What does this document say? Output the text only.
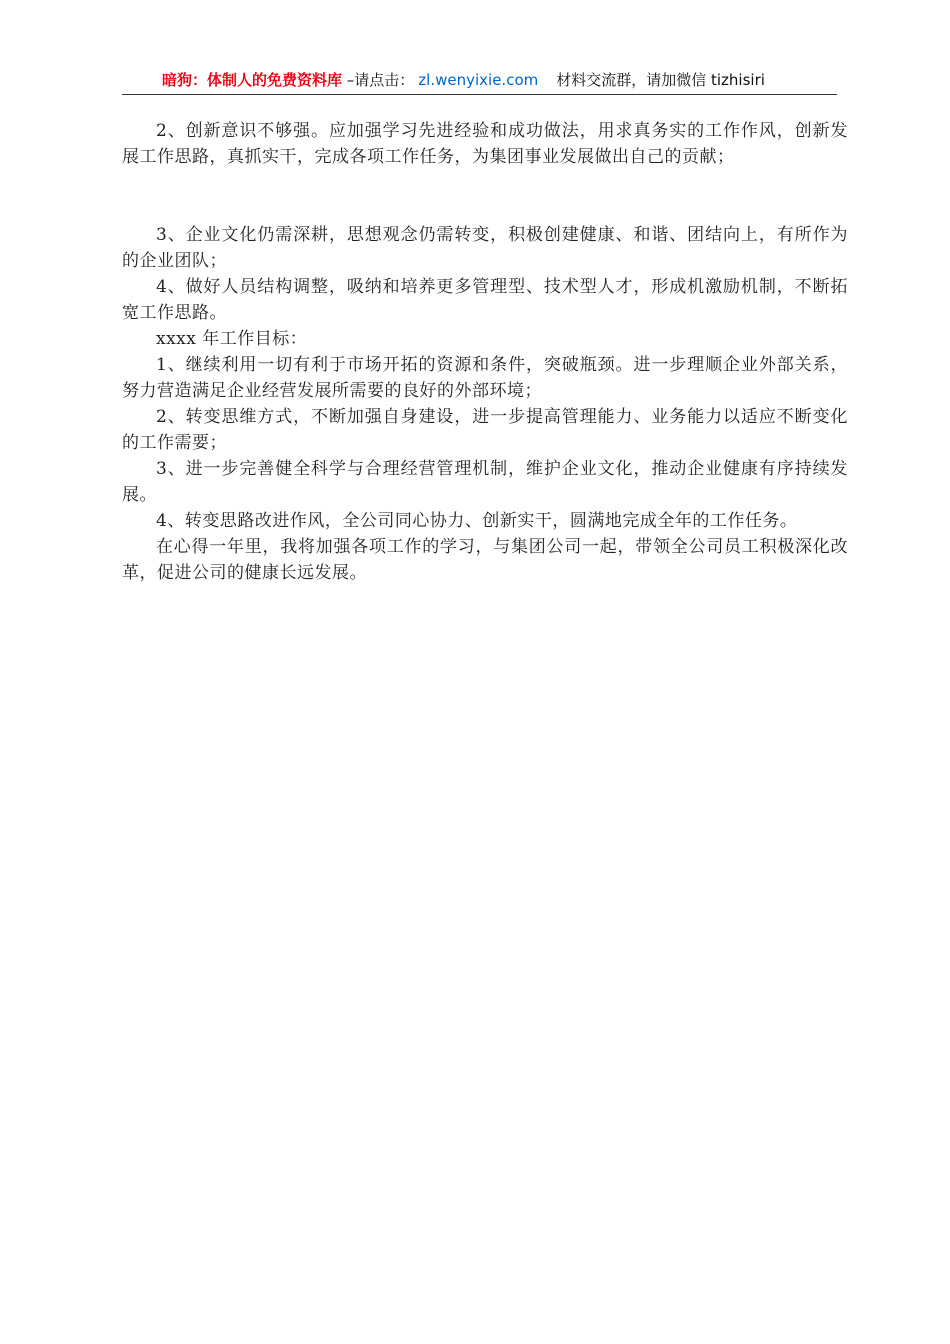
暗狗：体制人的免费资料库 –请点击： zl.wenyixie.com 材料交流群，请加微信 tizhisiri

2、创新意识不够强。应加强学习先进经验和成功做法，用求真务实的工作作风，创新发展工作思路，真抓实干，完成各项工作任务，为集团事业发展做出自己的贡献；

3、企业文化仍需深耕，思想观念仍需转变，积极创建健康、和谐、团结向上，有所作为的企业团队；

4、做好人员结构调整，吸纳和培养更多管理型、技术型人才，形成机激励机制，不断拓宽工作思路。

xxxx 年工作目标：

1、继续利用一切有利于市场开拓的资源和条件，突破瓶颈。进一步理顺企业外部关系，努力营造满足企业经营发展所需要的良好的外部环境；

2、转变思维方式，不断加强自身建设，进一步提高管理能力、业务能力以适应不断变化的工作需要；

3、进一步完善健全科学与合理经营管理机制，维护企业文化，推动企业健康有序持续发展。

4、转变思路改进作风，全公司同心协力、创新实干，圆满地完成全年的工作任务。

在心得一年里，我将加强各项工作的学习，与集团公司一起，带领全公司员工积极深化改革，促进公司的健康长远发展。
